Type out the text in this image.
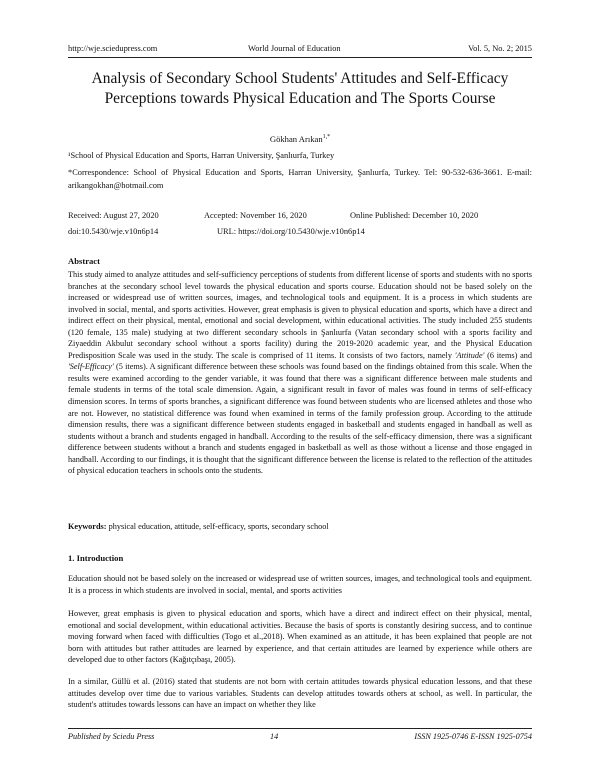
http://wje.sciedupress.com	World Journal of Education	Vol. 5, No. 2; 2015
Analysis of Secondary School Students' Attitudes and Self-Efficacy
Perceptions towards Physical Education and The Sports Course
Gökhan Arıkan$^{1,*}$
¹School of Physical Education and Sports, Harran University, Şanlıurfa, Turkey
*Correspondence: School of Physical Education and Sports, Harran University, Şanlıurfa, Turkey. Tel: 90-532-636-3661. E-mail: arikangokhan@hotmail.com
Received: August 27, 2020	Accepted: November 16, 2020	Online Published: December 10, 2020
doi:10.5430/wje.v10n6p14	URL: https://doi.org/10.5430/wje.v10n6p14
Abstract
This study aimed to analyze attitudes and self-sufficiency perceptions of students from different license of sports and students with no sports branches at the secondary school level towards the physical education and sports course. Education should not be based solely on the increased or widespread use of written sources, images, and technological tools and equipment. It is a process in which students are involved in social, mental, and sports activities. However, great emphasis is given to physical education and sports, which have a direct and indirect effect on their physical, mental, emotional and social development, within educational activities. The study included 255 students (120 female, 135 male) studying at two different secondary schools in Şanlıurfa (Vatan secondary school with a sports facility and Ziyaeddin Akbulut secondary school without a sports facility) during the 2019-2020 academic year, and the Physical Education Predisposition Scale was used in the study. The scale is comprised of 11 items. It consists of two factors, namely 'Attitude' (6 items) and 'Self-Efficacy' (5 items). A significant difference between these schools was found based on the findings obtained from this scale. When the results were examined according to the gender variable, it was found that there was a significant difference between male students and female students in terms of the total scale dimension. Again, a significant result in favor of males was found in terms of self-efficacy dimension scores. In terms of sports branches, a significant difference was found between students who are licensed athletes and those who are not. However, no statistical difference was found when examined in terms of the family profession group. According to the attitude dimension results, there was a significant difference between students engaged in basketball and students engaged in handball as well as students without a branch and students engaged in handball. According to the results of the self-efficacy dimension, there was a significant difference between students without a branch and students engaged in basketball as well as those without a license and those engaged in handball. According to our findings, it is thought that the significant difference between the license is related to the reflection of the attitudes of physical education teachers in schools onto the students.
Keywords: physical education, attitude, self-efficacy, sports, secondary school
1. Introduction
Education should not be based solely on the increased or widespread use of written sources, images, and technological tools and equipment. It is a process in which students are involved in social, mental, and sports activities
However, great emphasis is given to physical education and sports, which have a direct and indirect effect on their physical, mental, emotional and social development, within educational activities. Because the basis of sports is constantly desiring success, and to continue moving forward when faced with difficulties (Togo et al.,2018). When examined as an attitude, it has been explained that people are not born with attitudes but rather attitudes are learned by experience, and that certain attitudes are learned by experience while others are developed due to other factors (Kağıtçıbaşı, 2005).
In a similar, Güllü et al. (2016) stated that students are not born with certain attitudes towards physical education lessons, and that these attitudes develop over time due to various variables. Students can develop attitudes towards others at school, as well. In particular, the student's attitudes towards lessons can have an impact on whether they like
Published by Sciedu Press	14	ISSN 1925-0746 E-ISSN 1925-0754
